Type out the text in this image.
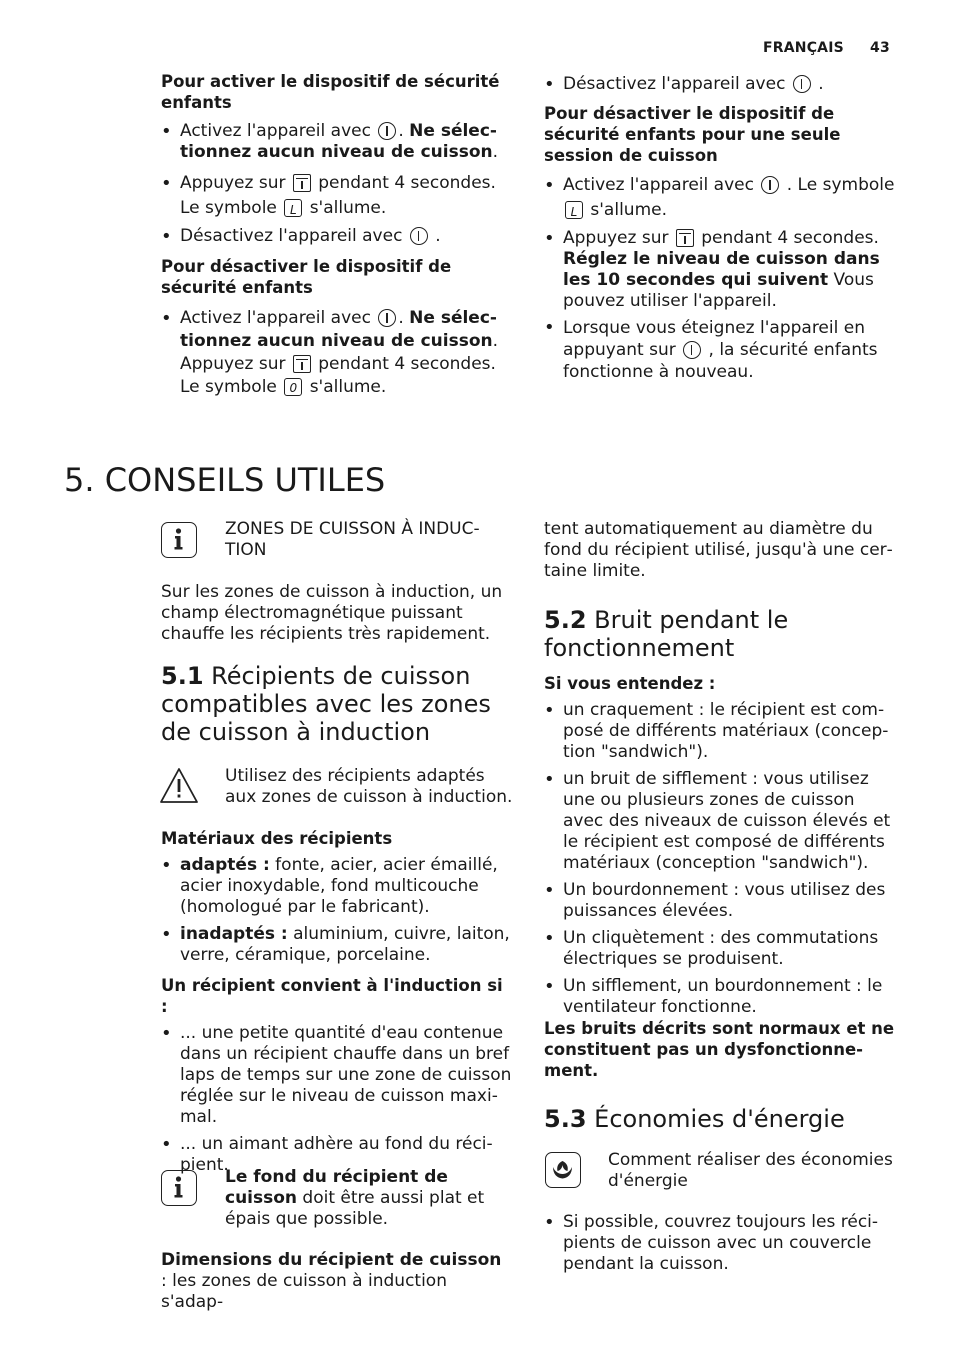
FRANÇAIS 43

Pour activer le dispositif de sécurité enfants

• Activez l'appareil avec . Ne sélectionnez aucun niveau de cuisson.
• Appuyez sur pendant 4 secondes. Le symbole	L s'allume.
• Désactivez l'appareil avec .

Pour désactiver le dispositif de sécurité enfants

• Activez l'appareil avec . Ne sélectionnez aucun niveau de cuisson. Appuyez sur pendant 4 secondes. Le symbole	0 s'allume.
• Désactivez l'appareil avec .

Pour désactiver le dispositif de sécurité enfants pour une seule session de cuisson

• Activez l'appareil avec . Le symbole
L s'allume.
• Appuyez sur pendant 4 secondes. Réglez le niveau de cuisson dans les 10 secondes qui suivent Vous pouvez utiliser l'appareil.
• Lorsque vous éteignez l'appareil en appuyant sur , la sécurité enfants fonctionne à nouveau.
5. CONSEILS UTILES
ZONES DE CUISSON À INDUCTION

Sur les zones de cuisson à induction, un champ électromagnétique puissant chauffe les récipients très rapidement.

5.1 Récipients de cuisson compatibles avec les zones de cuisson à induction

Utilisez des récipients adaptés aux zones de cuisson à induction.

Matériaux des récipients

• adaptés : fonte, acier, acier émaillé, acier inoxydable, fond multicouche (homologué par le fabricant).
• inadaptés : aluminium, cuivre, laiton, verre, céramique, porcelaine.

Un récipient convient à l'induction si :

• ... une petite quantité d'eau contenue dans un récipient chauffe dans un bref laps de temps sur une zone de cuisson réglée sur le niveau de cuisson maximal.
• ... un aimant adhère au fond du récipient.
Le fond du récipient de cuisson doit être aussi plat et épais que possible.
Dimensions du récipient de cuisson : les zones de cuisson à induction s'adap-

tent automatiquement au diamètre du fond du récipient utilisé, jusqu'à une certaine limite.

5.2 Bruit pendant le fonctionnement

Si vous entendez :

• un craquement : le récipient est composé de différents matériaux (conception "sandwich").
• un bruit de sifflement : vous utilisez une ou plusieurs zones de cuisson avec des niveaux de cuisson élevés et le récipient est composé de différents matériaux (conception "sandwich").
• Un bourdonnement : vous utilisez des puissances élevées.
• Un cliquètement : des commutations électriques se produisent.
• Un sifflement, un bourdonnement : le ventilateur fonctionne.

Les bruits décrits sont normaux et ne constituent pas un dysfonctionnement.

5.3 Économies d'énergie

Comment réaliser des économies d'énergie
• Si possible, couvrez toujours les récipients de cuisson avec un couvercle pendant la cuisson.
